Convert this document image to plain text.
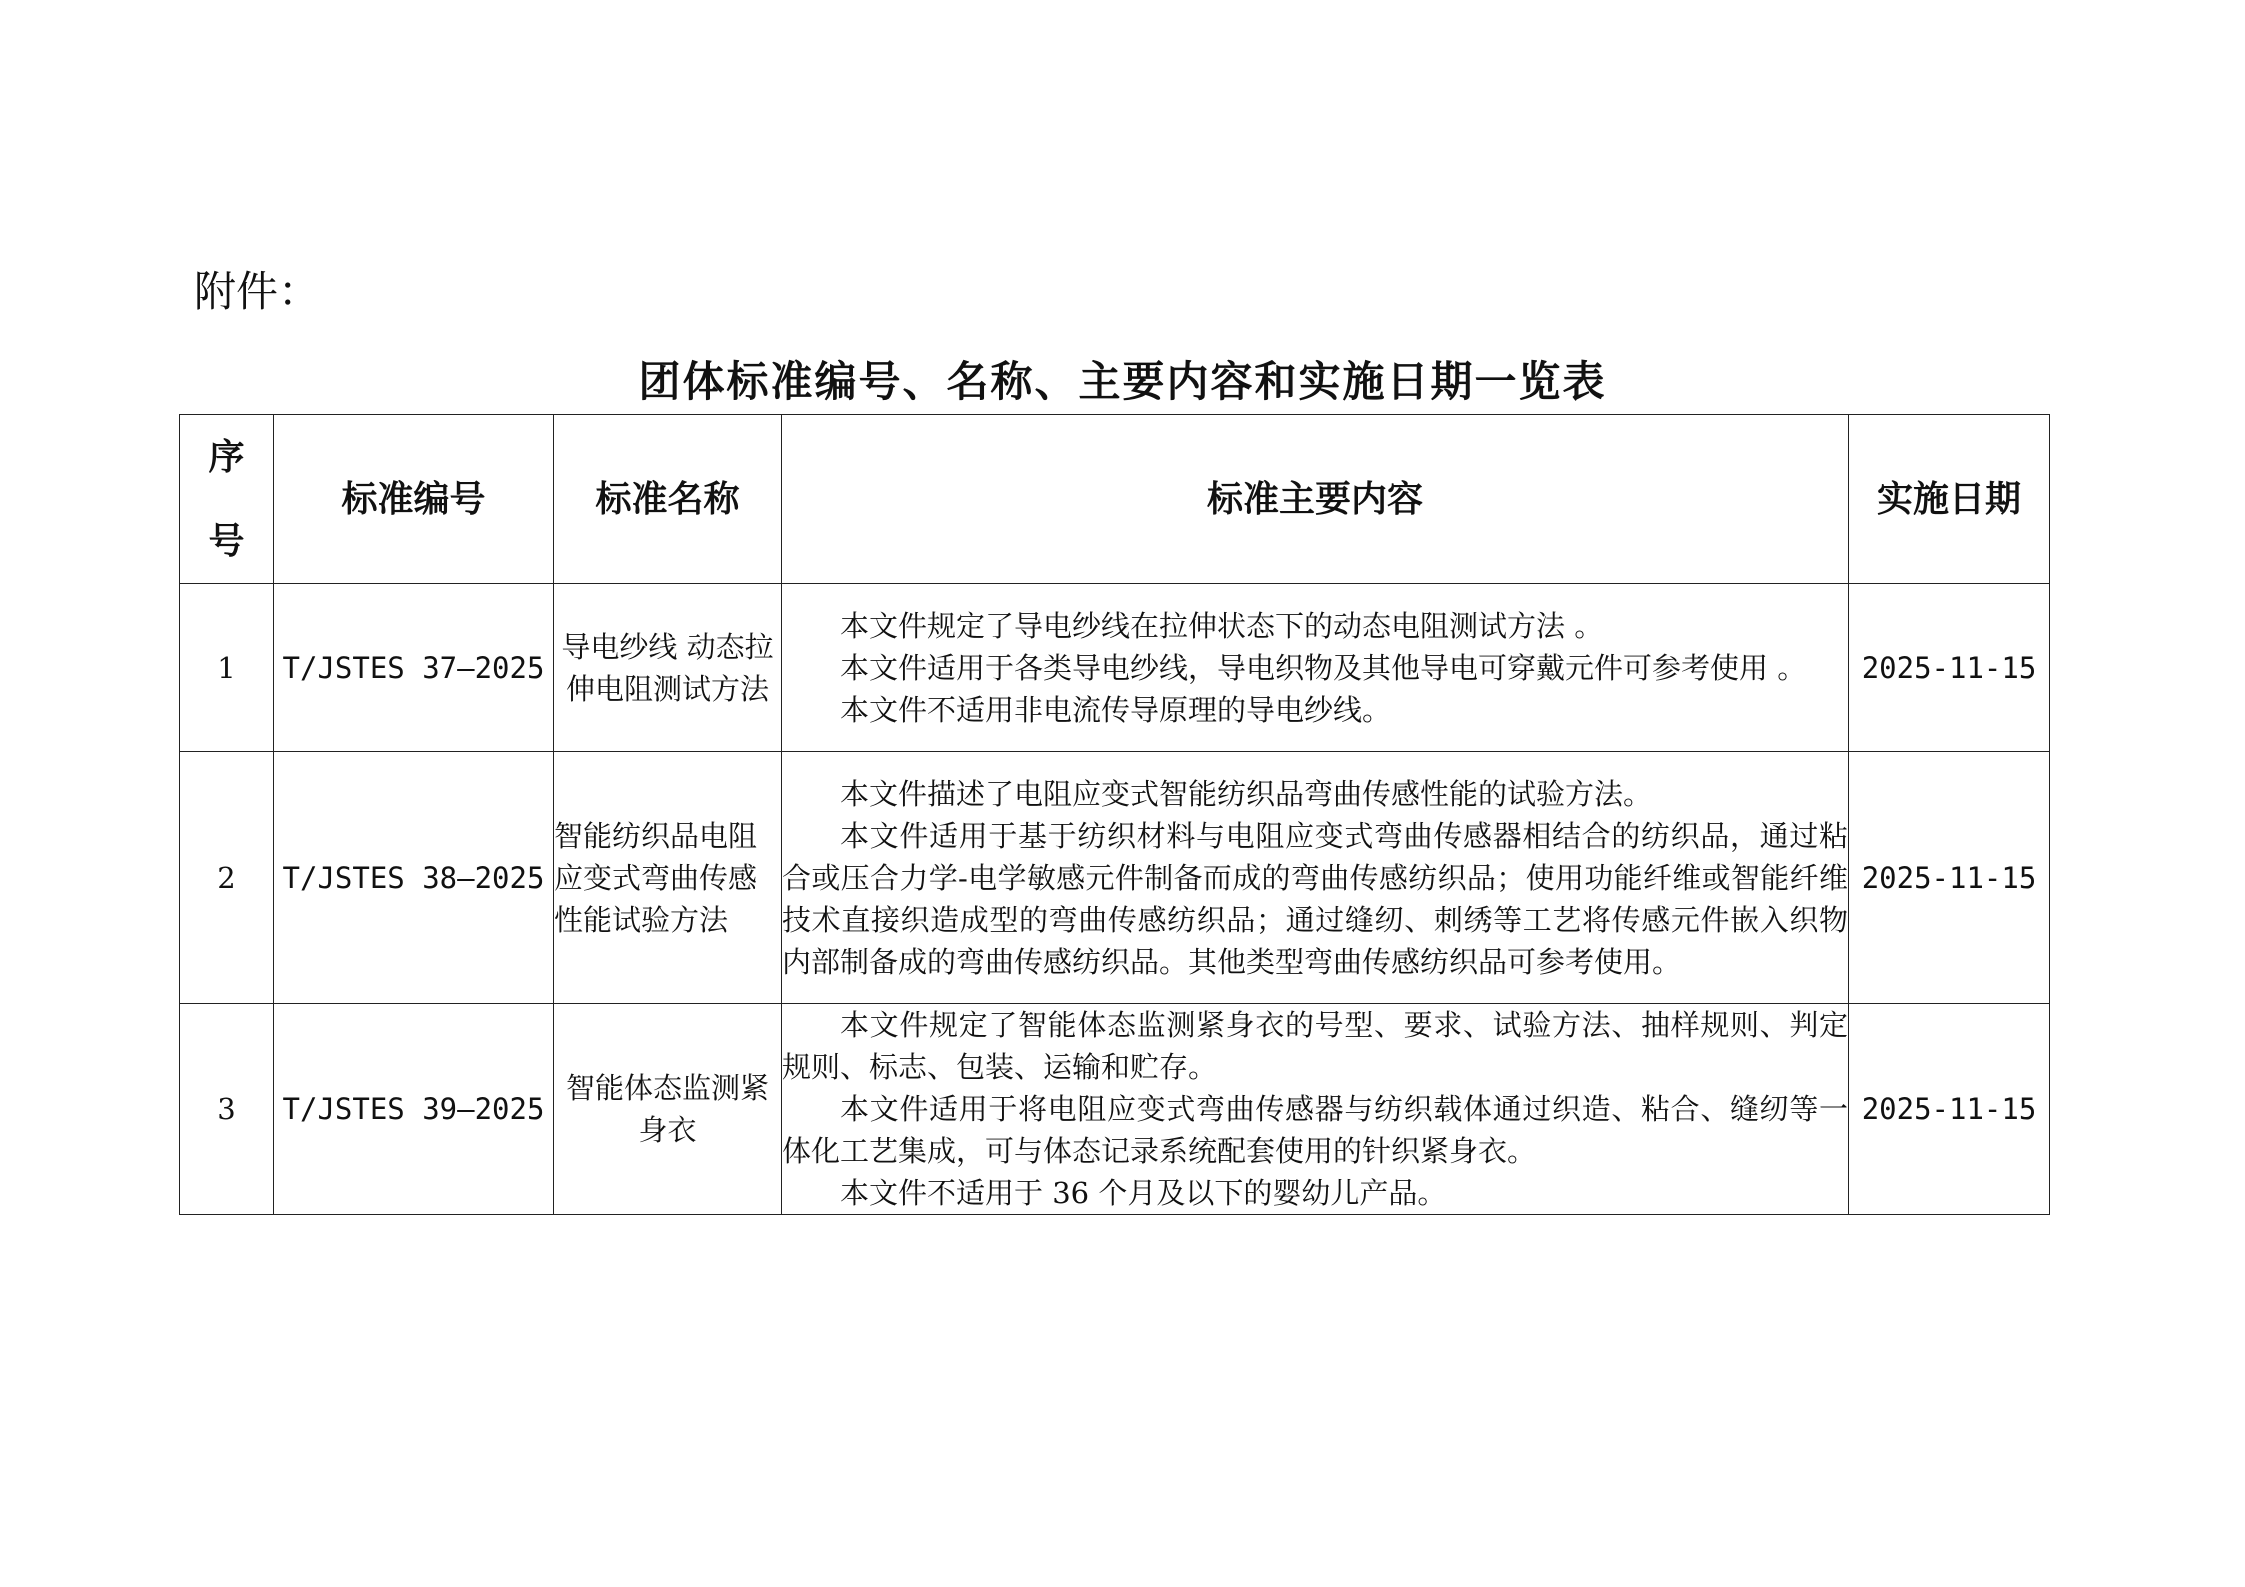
附件：
团体标准编号、名称、主要内容和实施日期一览表
序号	标准编号	标准名称	标准主要内容	实施日期
1	T/JSTES 37—2025	导电纱线 动态拉伸电阻测试方法	本文件规定了导电纱线在拉伸状态下的动态电阻测试方法 。

本文件适用于各类导电纱线，导电织物及其他导电可穿戴元件可参考使用 。

本文件不适用非电流传导原理的导电纱线。	2025-11-15
2	T/JSTES 38—2025	智能纺织品电阻应变式弯曲传感性能试验方法	本文件描述了电阻应变式智能纺织品弯曲传感性能的试验方法。

本文件适用于基于纺织材料与电阻应变式弯曲传感器相结合的纺织品，通过粘合或压合力学-电学敏感元件制备而成的弯曲传感纺织品；使用功能纤维或智能纤维技术直接织造成型的弯曲传感纺织品；通过缝纫、刺绣等工艺将传感元件嵌入织物内部制备成的弯曲传感纺织品。其他类型弯曲传感纺织品可参考使用。	2025-11-15
3	T/JSTES 39—2025	智能体态监测紧身衣	本文件规定了智能体态监测紧身衣的号型、要求、试验方法、抽样规则、判定规则、标志、包装、运输和贮存。

本文件适用于将电阻应变式弯曲传感器与纺织载体通过织造、粘合、缝纫等一体化工艺集成，可与体态记录系统配套使用的针织紧身衣。

本文件不适用于 36 个月及以下的婴幼儿产品。	2025-11-15
